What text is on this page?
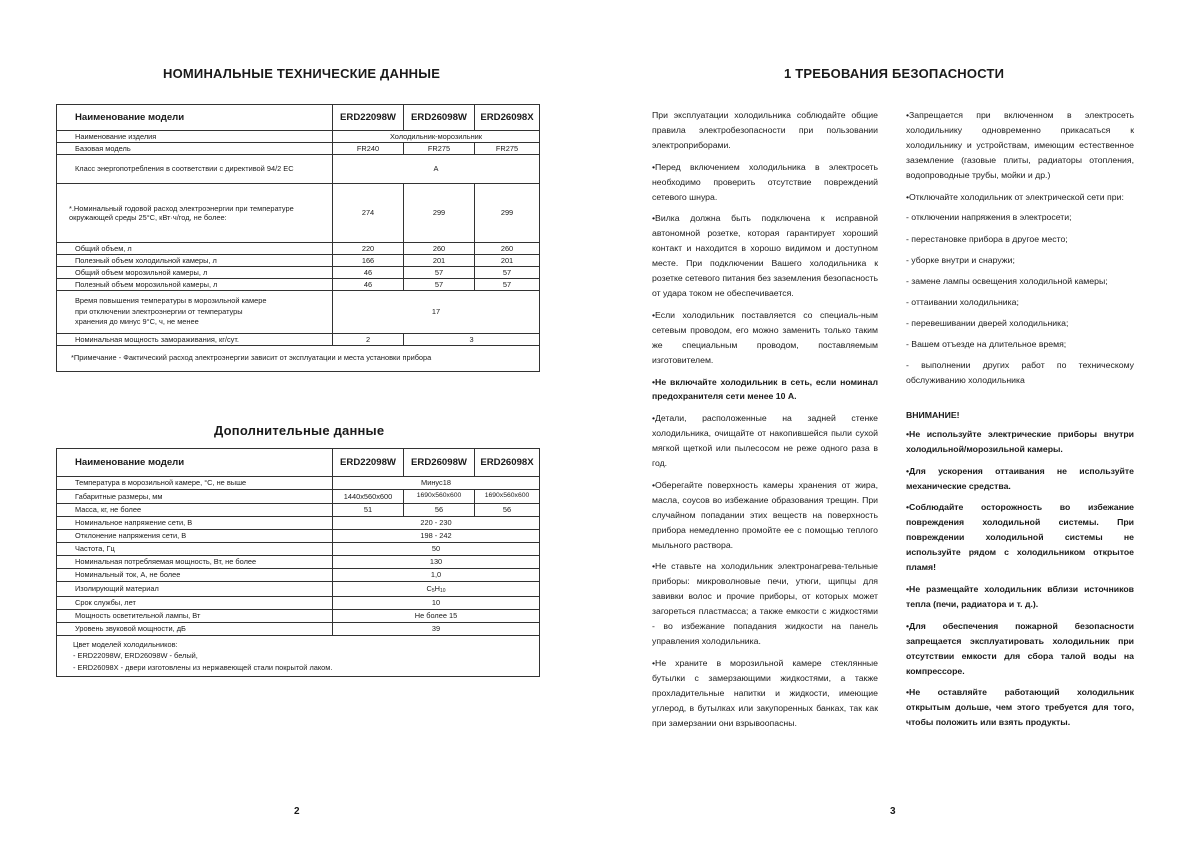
НОМИНАЛЬНЫЕ ТЕХНИЧЕСКИЕ ДАННЫЕ
Наименование модели	ERD22098W	ERD26098W	ERD26098X
Наименование изделия	Холодильник-морозильник		
Базовая модель	FR240	FR275	FR275
Класс энергопотребления в соответствии с директивой 94/2 ЕС	A		
*.Номинальный годовой расход электроэнергии при температуре окружающей среды 25°С, кВт·ч/год, не более:	274	299	299
Общий объем, л	220	260	260
Полезный объем холодильной камеры, л	166	201	201
Общий объем морозильной камеры, л	46	57	57
Полезный объем морозильной камеры, л	46	57	57

Время повышения температуры в морозильной камере
при отключении электроэнергии от температуры
хранения до минус 9°С, ч, не менее	17		
Номинальная мощность замораживания, кг/сут.	2	3	
*Примечание - Фактический расход электроэнергии зависит от эксплуатации и места установки прибора			
Дополнительные данные
Наименование модели	ERD22098W	ERD26098W	ERD26098X
Температура в морозильной камере, °С, не выше	Минус18		
Габаритные размеры, мм	1440х560х600	1690х560х600	1690х560х600
Масса, кг, не более	51	56	56
Номинальное напряжение сети, В	220 - 230		
Отклонение напряжения сети, В	198 - 242		
Частота, Гц	50		
Номинальная потребляемая мощность, Вт, не более	130		
Номинальный ток, А, не более	1,0		
Изолирующий материал	$C_5H_{10}$
Срок службы, лет	10		
Мощность осветительной лампы, Вт	Не более 15		
Уровень звуковой мощности, дБ	39		

Цвет моделей холодильников:
- ERD22098W, ERD26098W - белый,
- ERD26098X - двери изготовлены из нержавеющей стали покрытой лаком.			
2
1 ТРЕБОВАНИЯ БЕЗОПАСНОСТИ

При эксплуатации холодильника соблюдайте общие правила электробезопасности при пользовании электроприборами.

•Перед включением холодильника в электросеть необходимо проверить отсутствие повреждений сетевого шнура.

•Вилка должна быть подключена к исправной автономной розетке, которая гарантирует хороший контакт и находится в хорошо видимом и доступном месте. При подключении Вашего холодильника к розетке сетевого питания без заземления безопасность от удара током не обеспечивается.

•Если холодильник поставляется со специаль-ным сетевым проводом, его можно заменить только таким же специальным проводом, поставляемым изготовителем.

•Не включайте холодильник в сеть, если номинал предохранителя сети менее 10 А.

•Детали, расположенные на задней стенке холодильника, очищайте от накопившейся пыли сухой мягкой щеткой или пылесосом не реже одного раза в год.

•Оберегайте поверхность камеры хранения от жира, масла, соусов во избежание образования трещин. При случайном попадании этих веществ на поверхность прибора немедленно промойте ее с помощью теплого мыльного раствора.

•Не ставьте на холодильник электронагрева-тельные приборы: микроволновые печи, утюги, щипцы для завивки волос и прочие приборы, от которых может загореться пластмасса; а также емкости с жидкостями - во избежание попадания жидкости на панель управления холодильника.

•Не храните в морозильной камере стеклянные бутылки с замерзающими жидкостями, а также прохладительные напитки и жидкости, имеющие углерод, в бутылках или закупоренных банках, так как при замерзании они взрывоопасны.

•Запрещается при включенном в электросеть холодильнику одновременно прикасаться к холодильнику и устройствам, имеющим естественное заземление (газовые плиты, радиаторы отопления, водопроводные трубы, мойки и др.)

•Отключайте холодильник от электрической сети при:

- отключении напряжения в электросети;
- перестановке прибора в другое место;
- уборке внутри и снаружи;
- замене лампы освещения холодильной камеры;
- оттаивании холодильника;
- перевешивании дверей холодильника;
- Вашем отъезде на длительное время;

- выполнении других работ по техническому обслуживанию холодильника

ВНИМАНИЕ!

•Не используйте электрические приборы внутри холодильной/морозильной камеры.

•Для ускорения оттаивания не используйте механические средства.

•Соблюдайте осторожность во избежание повреждения холодильной системы. При повреждении холодильной системы не используйте рядом с холодильником открытое пламя!

•Не размещайте холодильник вблизи источников тепла (печи, радиатора и т. д.).

•Для обеспечения пожарной безопасности запрещается эксплуатировать холодильник при отсутствии емкости для сбора талой воды на компрессоре.

•Не оставляйте работающий холодильник открытым дольше, чем этого требуется для того, чтобы положить или взять продукты.

3
